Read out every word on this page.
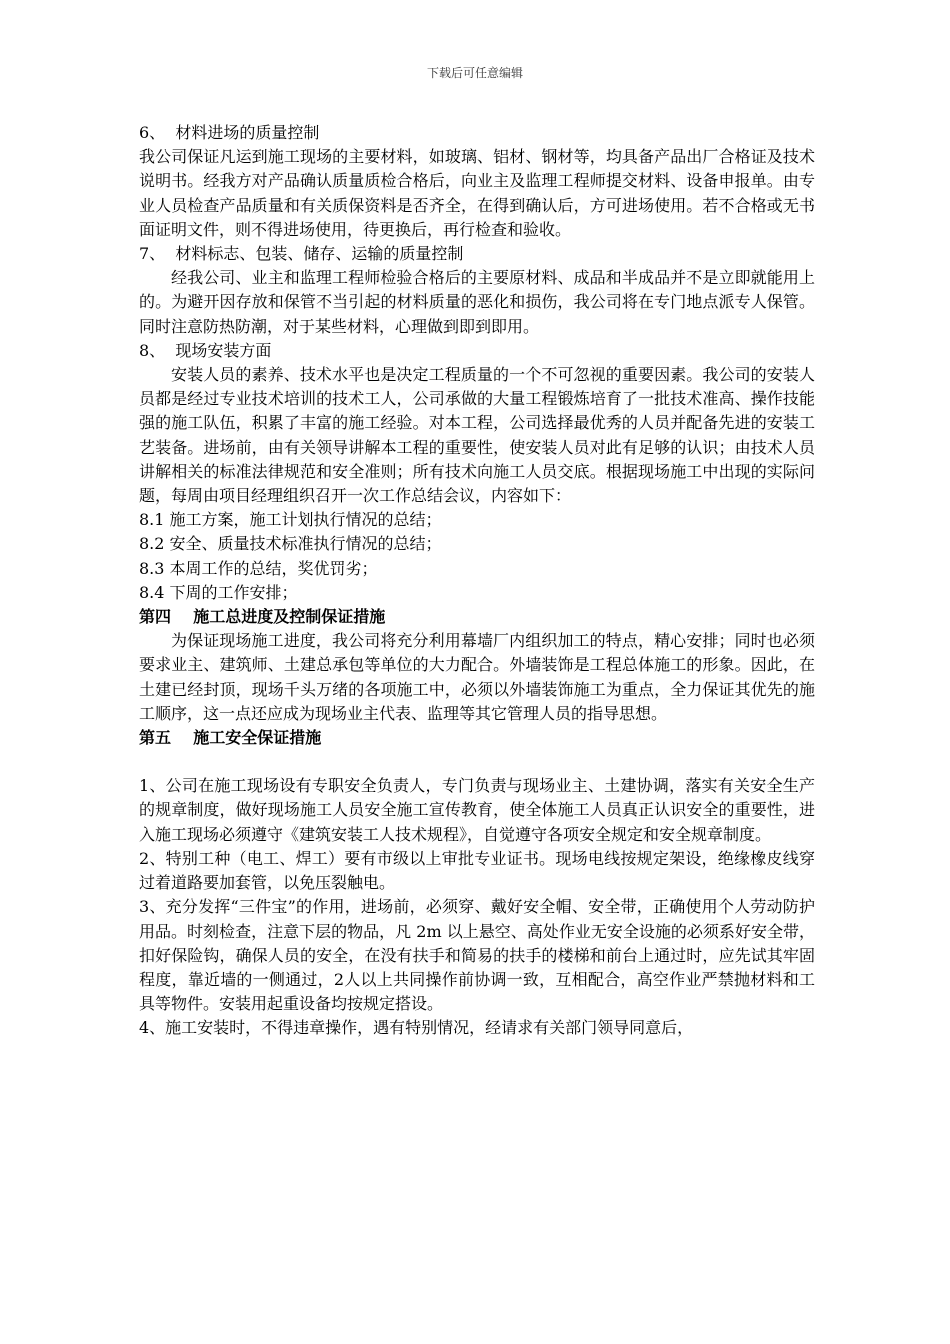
下载后可任意编辑

6、  材料进场的质量控制

我公司保证凡运到施工现场的主要材料，如玻璃、铝材、钢材等，均具备产品出厂合格证及技术说明书。经我方对产品确认质量质检合格后，向业主及监理工程师提交材料、设备申报单。由专业人员检查产品质量和有关质保资料是否齐全，在得到确认后，方可进场使用。若不合格或无书面证明文件，则不得进场使用，待更换后，再行检查和验收。

7、  材料标志、包装、储存、运输的质量控制

经我公司、业主和监理工程师检验合格后的主要原材料、成品和半成品并不是立即就能用上的。为避开因存放和保管不当引起的材料质量的恶化和损伤，我公司将在专门地点派专人保管。同时注意防热防潮，对于某些材料，心理做到即到即用。

8、  现场安装方面

安装人员的素养、技术水平也是决定工程质量的一个不可忽视的重要因素。我公司的安装人员都是经过专业技术培训的技术工人，公司承做的大量工程锻炼培育了一批技术准高、操作技能强的施工队伍，积累了丰富的施工经验。对本工程，公司选择最优秀的人员并配备先进的安装工艺装备。进场前，由有关领导讲解本工程的重要性，使安装人员对此有足够的认识；由技术人员讲解相关的标准法律规范和安全准则；所有技术向施工人员交底。根据现场施工中出现的实际问题，每周由项目经理组织召开一次工作总结会议，内容如下：

8.1 施工方案，施工计划执行情况的总结；

8.2 安全、质量技术标准执行情况的总结；

8.3 本周工作的总结，奖优罚劣；

8.4 下周的工作安排；

第四    施工总进度及控制保证措施

为保证现场施工进度，我公司将充分利用幕墙厂内组织加工的特点，精心安排；同时也必须要求业主、建筑师、土建总承包等单位的大力配合。外墙装饰是工程总体施工的形象。因此，在土建已经封顶，现场千头万绪的各项施工中，必须以外墙装饰施工为重点，全力保证其优先的施工顺序，这一点还应成为现场业主代表、监理等其它管理人员的指导思想。

第五    施工安全保证措施

1、公司在施工现场设有专职安全负责人，专门负责与现场业主、土建协调，落实有关安全生产的规章制度，做好现场施工人员安全施工宣传教育，使全体施工人员真正认识安全的重要性，进入施工现场必须遵守《建筑安装工人技术规程》，自觉遵守各项安全规定和安全规章制度。

2、特别工种（电工、焊工）要有市级以上审批专业证书。现场电线按规定架设，绝缘橡皮线穿过着道路要加套管，以免压裂触电。

3、充分发挥“三件宝”的作用，进场前，必须穿、戴好安全帽、安全带，正确使用个人劳动防护用品。时刻检查，注意下层的物品，凡 2m 以上悬空、高处作业无安全设施的必须系好安全带，扣好保险钩，确保人员的安全，在没有扶手和简易的扶手的楼梯和前台上通过时，应先试其牢固程度，靠近墙的一侧通过，2人以上共同操作前协调一致，互相配合，高空作业严禁抛材料和工具等物件。安装用起重设备均按规定搭设。

4、施工安装时，不得违章操作，遇有特别情况，经请求有关部门领导同意后，
